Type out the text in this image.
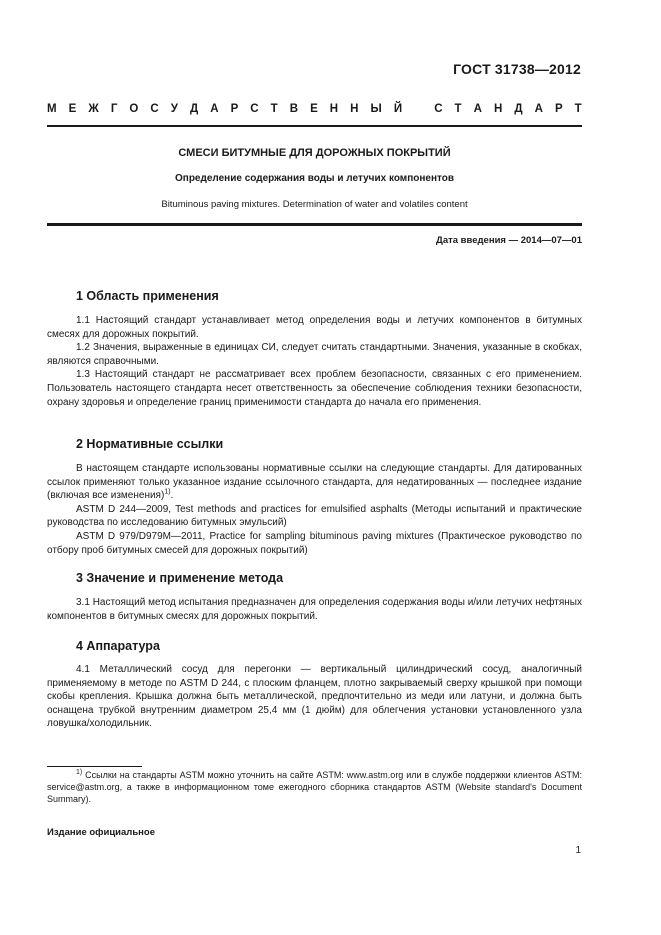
ГОСТ 31738—2012
М Е Ж Г О С У Д А Р С Т В Е Н Н Ы Й	С Т А Н Д А Р Т
СМЕСИ БИТУМНЫЕ ДЛЯ ДОРОЖНЫХ ПОКРЫТИЙ
Определение содержания воды и летучих компонентов
Bituminous paving mixtures. Determination of water and volatiles content
Дата введения — 2014—07—01
1 Область применения

1.1 Настоящий стандарт устанавливает метод определения воды и летучих компонентов в битумных смесях для дорожных покрытий.

1.2 Значения, выраженные в единицах СИ, следует считать стандартными. Значения, указанные в скобках, являются справочными.

1.3 Настоящий стандарт не рассматривает всех проблем безопасности, связанных с его применением. Пользователь настоящего стандарта несет ответственность за обеспечение соблюдения техники безопасности, охрану здоровья и определение границ применимости стандарта до начала его применения.

2 Нормативные ссылки

В настоящем стандарте использованы нормативные ссылки на следующие стандарты. Для датированных ссылок применяют только указанное издание ссылочного стандарта, для недатированных — последнее издание (включая все изменения)$^{1)}$.

ASTM D 244—2009, Test methods and practices for emulsified asphalts (Методы испытаний и практические руководства по исследованию битумных эмульсий)

ASTM D 979/D979M—2011, Practice for sampling bituminous paving mixtures (Практическое руководство по отбору проб битумных смесей для дорожных покрытий)

3 Значение и применение метода

3.1 Настоящий метод испытания предназначен для определения содержания воды и/или летучих нефтяных компонентов в битумных смесях для дорожных покрытий.

4 Аппаратура

4.1 Металлический сосуд для перегонки — вертикальный цилиндрический сосуд, аналогичный применяемому в методе по ASTM D 244, с плоским фланцем, плотно закрываемый сверху крышкой при помощи скобы крепления. Крышка должна быть металлической, предпочтительно из меди или латуни, и должна быть оснащена трубкой внутренним диаметром 25,4 мм (1 дюйм) для облегчения установки установленного узла ловушка/холодильник.

$^{1)}$ Ссылки на стандарты ASTM можно уточнить на сайте ASTM: www.astm.org или в службе поддержки клиентов ASTM: service@astm.org, а также в информационном томе ежегодного сборника стандартов ASTM (Website standard's Document Summary).

Издание официальное
1
